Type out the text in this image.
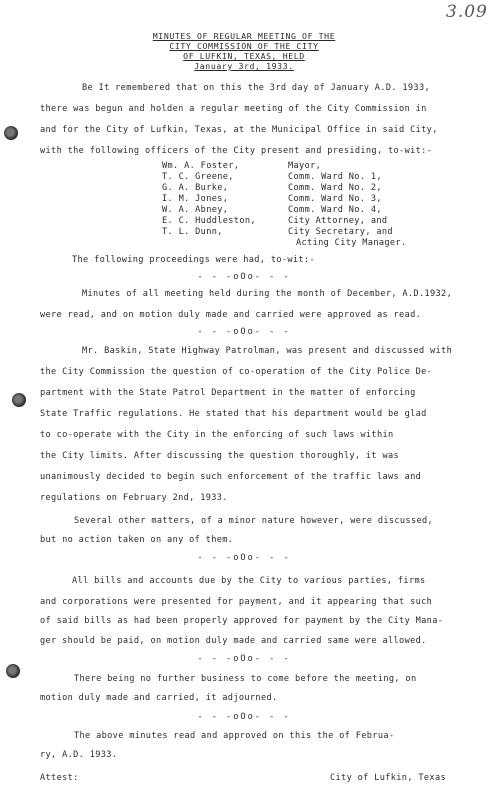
3.09
MINUTES OF REGULAR MEETING OF THE
CITY COMMISSION OF THE CITY
OF LUFKIN, TEXAS, HELD
January 3rd, 1933.
Be It remembered that on this the 3rd day of January A.D. 1933,
there was begun and holden a regular meeting of the City Commission in
and for the City of Lufkin, Texas, at the Municipal Office in said City,
with the following officers of the City present and presiding, to-wit:-
Wm. A. Foster,	Mayor,
T. C. Greene,	Comm. Ward No. 1,
G. A. Burke,	Comm. Ward No. 2,
I. M. Jones,	Comm. Ward No. 3,
W. A. Abney,	Comm. Ward No. 4,
E. C. Huddleston,	City Attorney, and
T. L. Dunn,	City Secretary, and
Acting City Manager.
The following proceedings were had, to-wit:-
- - -oOo- - -
Minutes of all meeting held during the month of December, A.D.1932,
were read, and on motion duly made and carried were approved as read.
- - -oOo- - -
Mr. Baskin, State Highway Patrolman, was present and discussed with
the City Commission the question of co-operation of the City Police De-
partment with the State Patrol Department in the matter of enforcing
State Traffic regulations. He stated that his department would be glad
to co-operate with the City in the enforcing of such laws within
the City limits. After discussing the question thoroughly, it was
unanimously decided to begin such enforcement of the traffic laws and
regulations on February 2nd, 1933.
Several other matters, of a minor nature however, were discussed,
but no action taken on any of them.
- - -oOo- - -
All bills and accounts due by the City to various parties, firms
and corporations were presented for payment, and it appearing that such
of said bills as had been properly approved for payment by the City Mana-
ger should be paid, on motion duly made and carried same were allowed.
- - -oOo- - -
There being no further business to come before the meeting, on
motion duly made and carried, it adjourned.
- - -oOo- - -
The above minutes read and approved on this the of Februa-
ry, A.D. 1933.
Attest:	City of Lufkin, Texas
